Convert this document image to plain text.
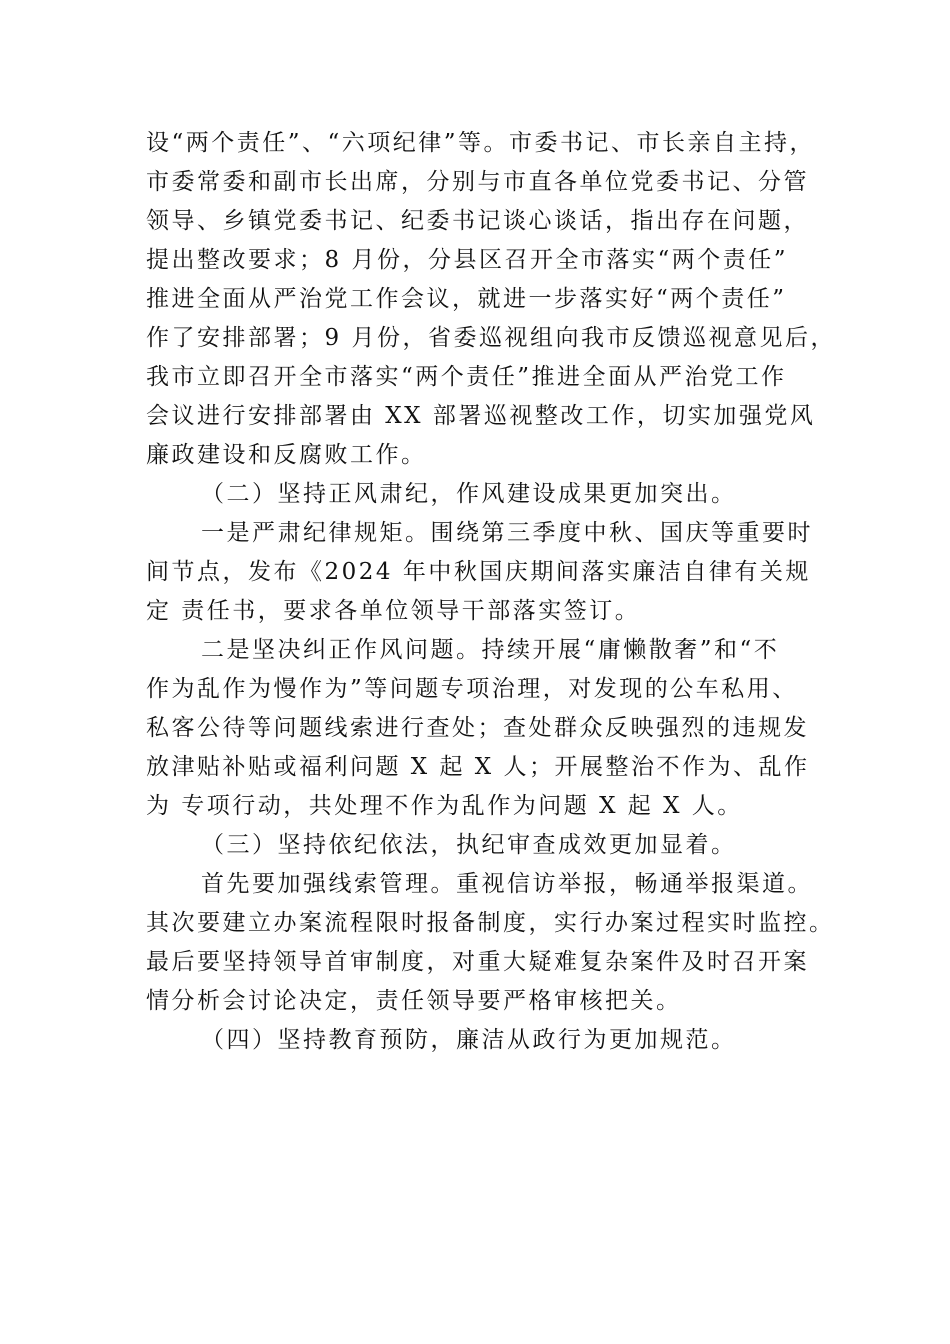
设“两个责任”、“六项纪律”等。市委书记、市长亲自主持，
市委常委和副市长出席，分别与市直各单位党委书记、分管
领导、乡镇党委书记、纪委书记谈心谈话，指出存在问题，
提出整改要求；8 月份，分县区召开全市落实“两个责任”
推进全面从严治党工作会议，就进一步落实好“两个责任”
作了安排部署；9 月份，省委巡视组向我市反馈巡视意见后，
我市立即召开全市落实“两个责任”推进全面从严治党工作
会议进行安排部署由 XX 部署巡视整改工作，切实加强党风
廉政建设和反腐败工作。
（二）坚持正风肃纪，作风建设成果更加突出。
一是严肃纪律规矩。围绕第三季度中秋、国庆等重要时
间节点，发布《2024 年中秋国庆期间落实廉洁自律有关规
定 责任书，要求各单位领导干部落实签订。
二是坚决纠正作风问题。持续开展“庸懒散奢”和“不
作为乱作为慢作为”等问题专项治理，对发现的公车私用、
私客公待等问题线索进行查处；查处群众反映强烈的违规发
放津贴补贴或福利问题 X 起 X 人；开展整治不作为、乱作
为 专项行动，共处理不作为乱作为问题 X 起 X 人。
（三）坚持依纪依法，执纪审查成效更加显着。
首先要加强线索管理。重视信访举报，畅通举报渠道。
其次要建立办案流程限时报备制度，实行办案过程实时监控。
最后要坚持领导首审制度，对重大疑难复杂案件及时召开案
情分析会讨论决定，责任领导要严格审核把关。
（四）坚持教育预防，廉洁从政行为更加规范。
